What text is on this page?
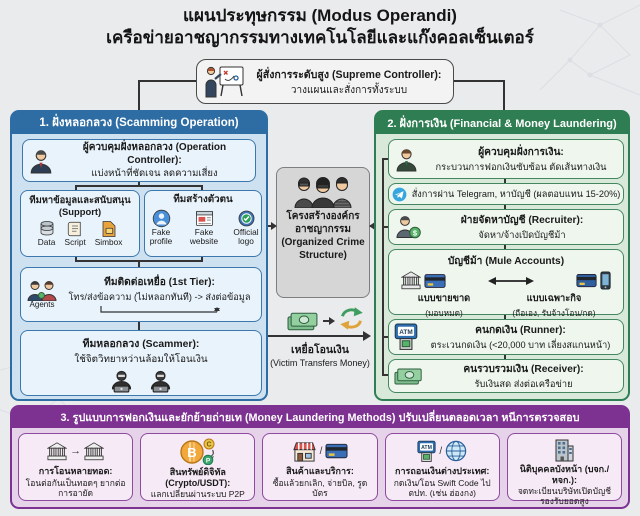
แผนประทุษกรรม (Modus Operandi)
เครือข่ายอาชญากรรมทางเทคโนโลยีและแก๊งคอลเซ็นเตอร์
ผู้สั่งการระดับสูง (Supreme Controller):
วางแผนและสั่งการทั้งระบบ
1. ฝั่งหลอกลวง (Scamming Operation)
ผู้ควบคุมฝั่งหลอกลวง (Operation Controller):
แบ่งหน้าที่ชัดเจน ลดความเสี่ยง
ทีมหาข้อมูลและสนับสนุน
(Support)
Data Script Simbox
ทีมสร้างตัวตน
Fake profile
Fake website
Official logo
Agents
ทีมติดต่อเหยื่อ (1st Tier):
โทร/ส่งข้อความ (ไม่หลอกทันที) -> ส่งต่อข้อมูล
ทีมหลอกลวง (Scammer):
ใช้จิตวิทยาหว่านล้อมให้โอนเงิน
โครงสร้างองค์กรอาชญากรรม
(Organized Crime Structure)
เหยื่อโอนเงิน
(Victim Transfers Money)
2. ฝั่งการเงิน (Financial & Money Laundering)
ผู้ควบคุมฝั่งการเงิน:
กระบวนการฟอกเงินซับซ้อน ตัดเส้นทางเงิน
สั่งการผ่าน Telegram, หาบัญชี (ผลตอบแทน 15-20%)
$
ฝ่ายจัดหาบัญชี (Recruiter):
จัดหา/จ้างเปิดบัญชีม้า
บัญชีม้า (Mule Accounts)
แบบขายขาด
(มอบหมด)
แบบเฉพาะกิจ
(ถือเอง, รับจ้างโอน/กด)
ATM	คนกดเงิน (Runner):
ตระเวนกดเงิน (<20,000 บาท เลี่ยงสแกนหน้า)
คนรวบรวมเงิน (Receiver):
รับเงินสด ส่งต่อเครือข่าย
3. รูปแบบการฟอกเงินและยักย้ายถ่ายเท (Money Laundering Methods) ปรับเปลี่ยนตลอดเวลา หนีการตรวจสอบ
→
การโอนหลายทอด:
โอนต่อกันเป็นทอดๆ ยากต่อการอายัด
B C
P
สินทรัพย์ดิจิทัล (Crypto/USDT):
แลกเปลี่ยนผ่านระบบ P2P
/
สินค้าและบริการ:
ซื้อแล้วยกเลิก, จ่ายบิล, รูดบัตร
ATM /
การถอนเงินต่างประเทศ:
กดเงิน/โอน Swift Code ไปตปท. (เช่น ฮ่องกง)
นิติบุคคลบังหน้า (บจก./หจก.):
จดทะเบียนบริษัทเปิดบัญชี รองรับยอดสูง
